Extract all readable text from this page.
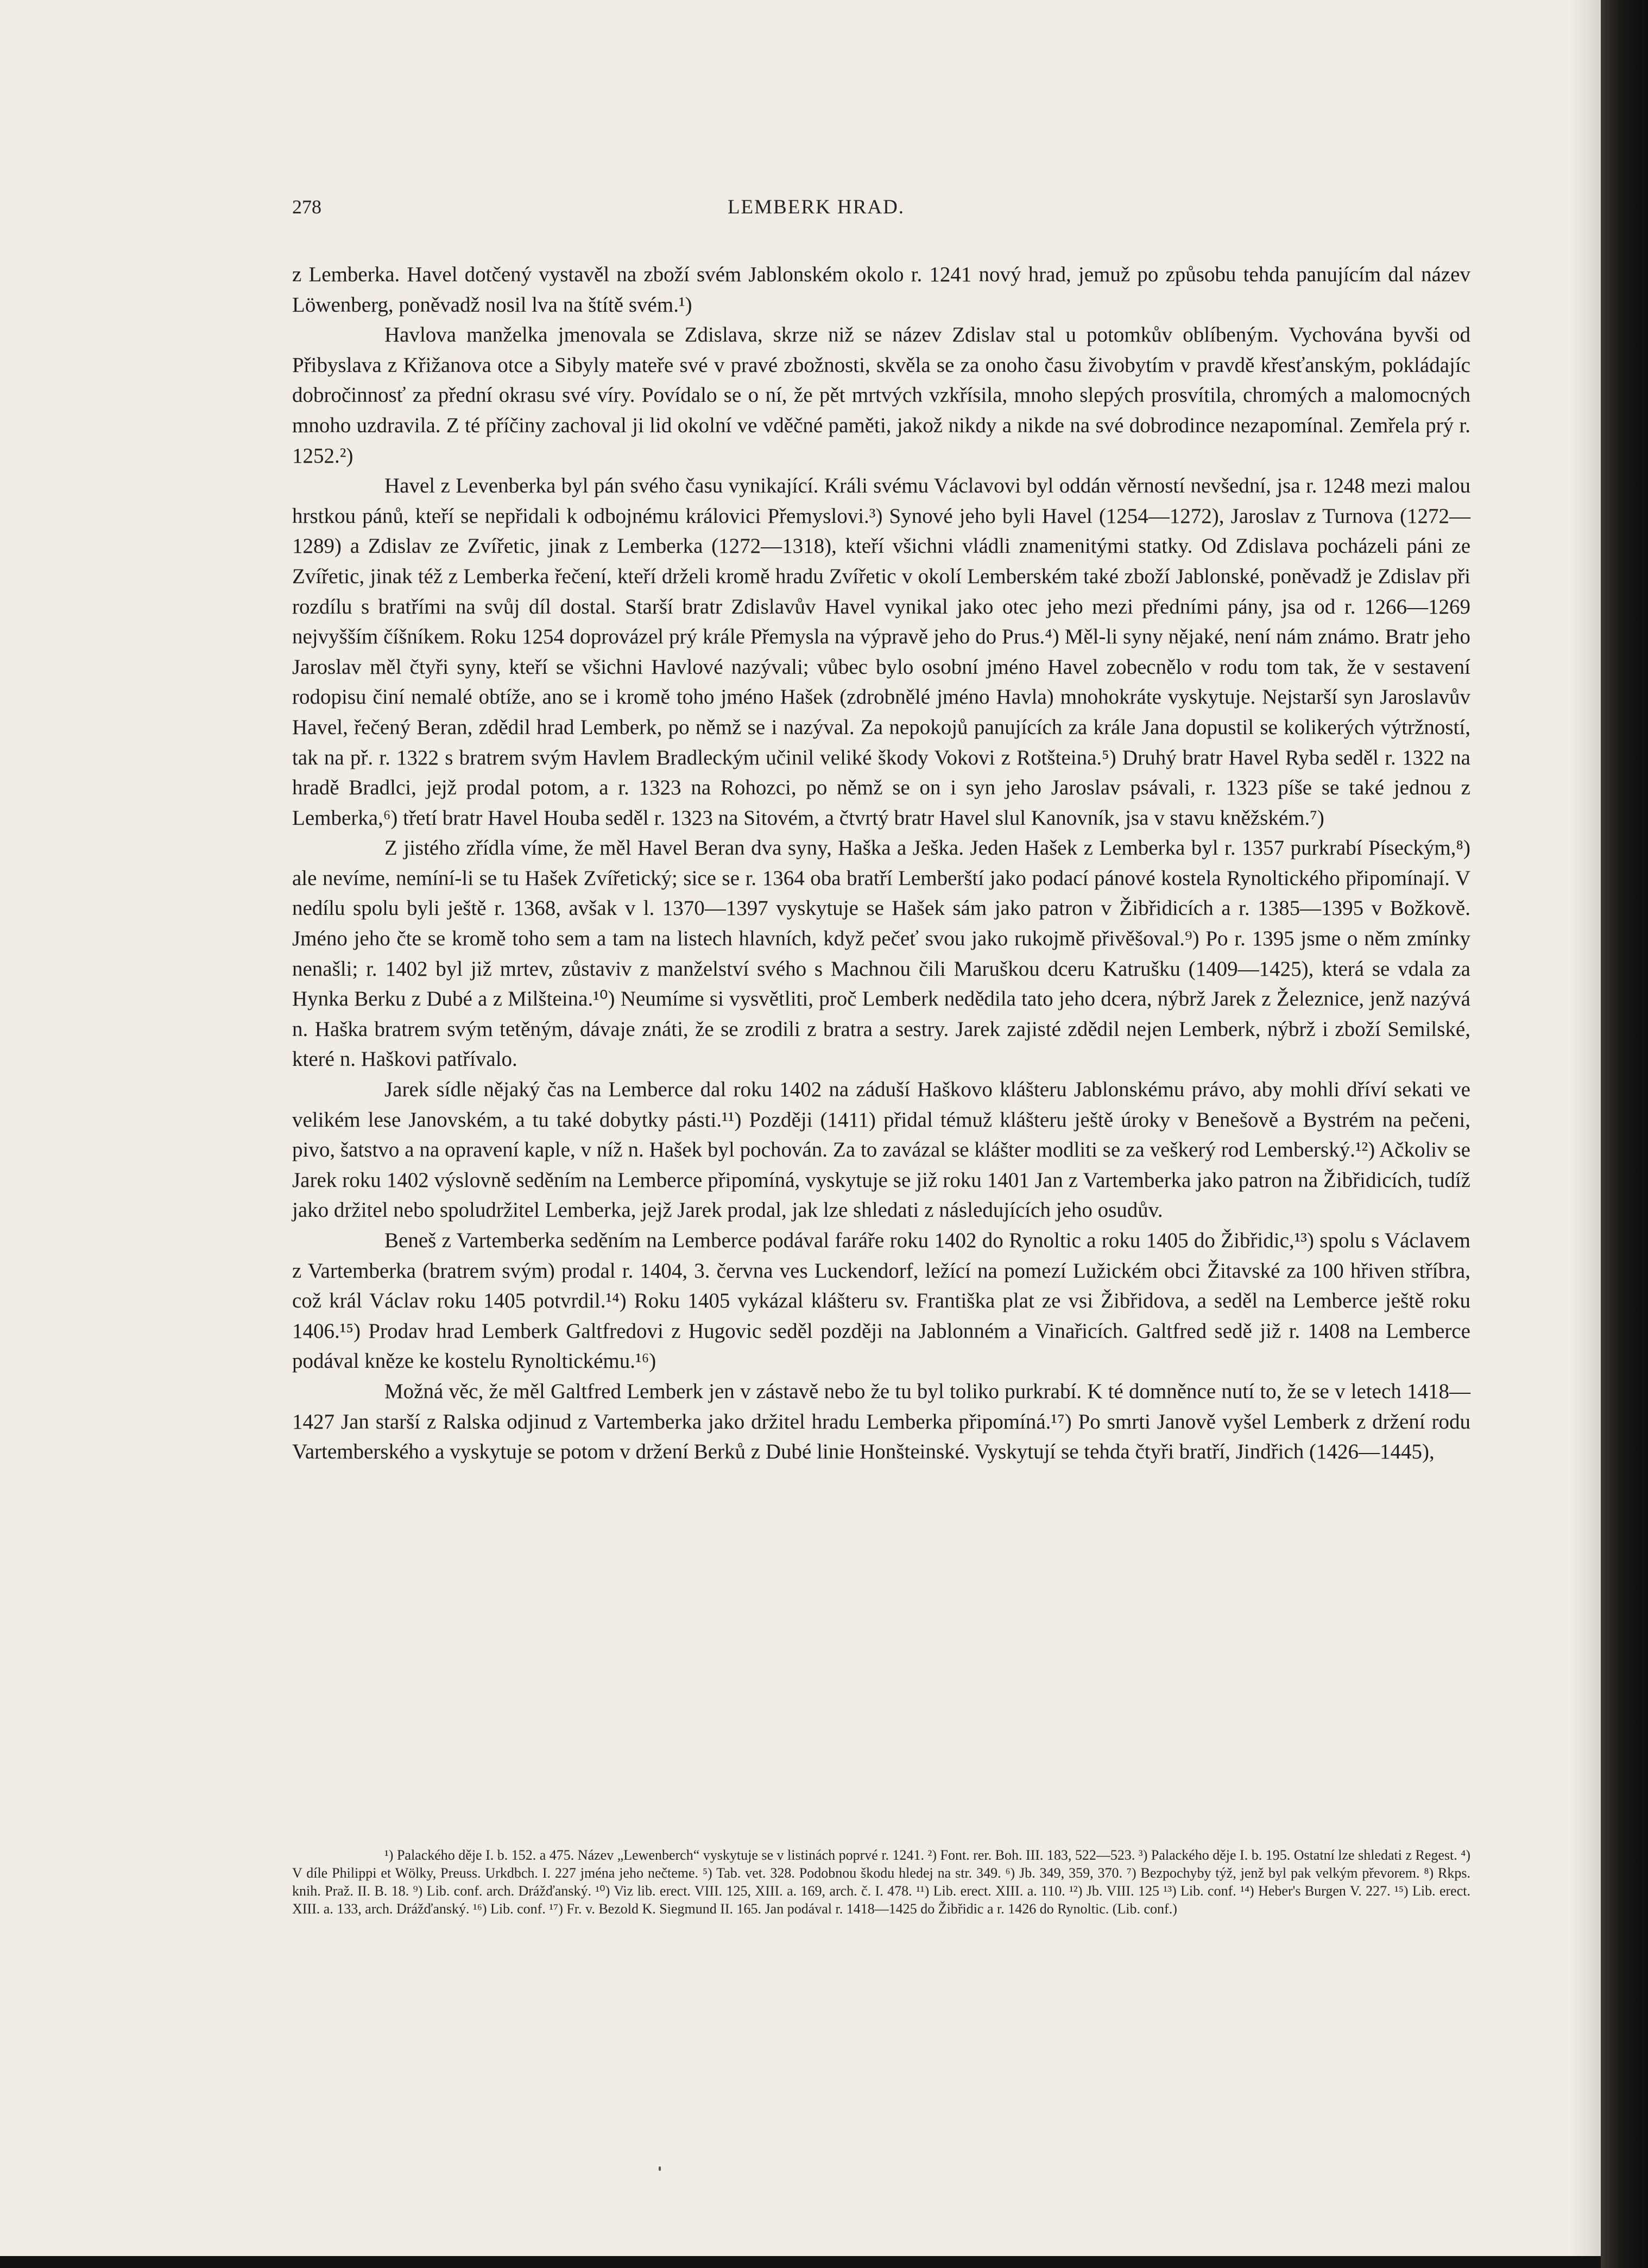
278	LEMBERK HRAD.

z Lemberka. Havel dotčený vystavěl na zboží svém Jablonském okolo r. 1241 nový hrad, jemuž po způsobu tehda panujícím dal název Löwenberg, poněvadž nosil lva na štítě svém.¹)

Havlova manželka jmenovala se Zdislava, skrze niž se název Zdislav stal u potomkův oblíbeným. Vychována byvši od Přibyslava z Křižanova otce a Sibyly mateře své v pravé zbožnosti, skvěla se za onoho času živobytím v pravdě křesťanským, pokládajíc dobročinnosť za přední okrasu své víry. Povídalo se o ní, že pět mrtvých vzkřísila, mnoho slepých prosvítila, chromých a malomocných mnoho uzdravila. Z té příčiny zachoval ji lid okolní ve vděčné paměti, jakož nikdy a nikde na své dobrodince nezapomínal. Zemřela prý r. 1252.²)

Havel z Levenberka byl pán svého času vynikající. Králi svému Václavovi byl oddán věrností nevšední, jsa r. 1248 mezi malou hrstkou pánů, kteří se nepřidali k odbojnému královici Přemyslovi.³) Synové jeho byli Havel (1254—1272), Jaroslav z Turnova (1272—1289) a Zdislav ze Zvířetic, jinak z Lemberka (1272—1318), kteří všichni vládli znamenitými statky. Od Zdislava pocházeli páni ze Zvířetic, jinak též z Lemberka řečení, kteří drželi kromě hradu Zvířetic v okolí Lemberském také zboží Jablonské, poněvadž je Zdislav při rozdílu s bratřími na svůj díl dostal. Starší bratr Zdislavův Havel vynikal jako otec jeho mezi předními pány, jsa od r. 1266—1269 nejvyšším číšníkem. Roku 1254 doprovázel prý krále Přemysla na výpravě jeho do Prus.⁴) Měl-li syny nějaké, není nám známo. Bratr jeho Jaroslav měl čtyři syny, kteří se všichni Havlové nazývali; vůbec bylo osobní jméno Havel zobecnělo v rodu tom tak, že v sestavení rodopisu činí nemalé obtíže, ano se i kromě toho jméno Hašek (zdrobnělé jméno Havla) mnohokráte vyskytuje. Nejstarší syn Jaroslavův Havel, řečený Beran, zdědil hrad Lemberk, po němž se i nazýval. Za nepokojů panujících za krále Jana dopustil se kolikerých výtržností, tak na př. r. 1322 s bratrem svým Havlem Bradleckým učinil veliké škody Vokovi z Rotšteina.⁵) Druhý bratr Havel Ryba seděl r. 1322 na hradě Bradlci, jejž prodal potom, a r. 1323 na Rohozci, po němž se on i syn jeho Jaroslav psávali, r. 1323 píše se také jednou z Lemberka,⁶) třetí bratr Havel Houba seděl r. 1323 na Sitovém, a čtvrtý bratr Havel slul Kanovník, jsa v stavu kněžském.⁷)

Z jistého zřídla víme, že měl Havel Beran dva syny, Haška a Ješka. Jeden Hašek z Lemberka byl r. 1357 purkrabí Píseckým,⁸) ale nevíme, nemíní-li se tu Hašek Zvířetický; sice se r. 1364 oba bratří Lemberští jako podací pánové kostela Rynoltického připomínají. V nedílu spolu byli ještě r. 1368, avšak v l. 1370—1397 vyskytuje se Hašek sám jako patron v Žibřidicích a r. 1385—1395 v Božkově. Jméno jeho čte se kromě toho sem a tam na listech hlavních, když pečeť svou jako rukojmě přivěšoval.⁹) Po r. 1395 jsme o něm zmínky nenašli; r. 1402 byl již mrtev, zůstaviv z manželství svého s Machnou čili Maruškou dceru Katrušku (1409—1425), která se vdala za Hynka Berku z Dubé a z Milšteina.¹⁰) Neumíme si vysvětliti, proč Lemberk nedědila tato jeho dcera, nýbrž Jarek z Železnice, jenž nazývá n. Haška bratrem svým tetěným, dávaje znáti, že se zrodili z bratra a sestry. Jarek zajisté zdědil nejen Lemberk, nýbrž i zboží Semilské, které n. Haškovi patřívalo.

Jarek sídle nějaký čas na Lemberce dal roku 1402 na záduší Haškovo klášteru Jablonskému právo, aby mohli dříví sekati ve velikém lese Janovském, a tu také dobytky pásti.¹¹) Později (1411) přidal témuž klášteru ještě úroky v Benešově a Bystrém na pečeni, pivo, šatstvo a na opravení kaple, v níž n. Hašek byl pochován. Za to zavázal se klášter modliti se za veškerý rod Lemberský.¹²) Ačkoliv se Jarek roku 1402 výslovně seděním na Lemberce připomíná, vyskytuje se již roku 1401 Jan z Vartemberka jako patron na Žibřidicích, tudíž jako držitel nebo spoludržitel Lemberka, jejž Jarek prodal, jak lze shledati z následujících jeho osudův.

Beneš z Vartemberka seděním na Lemberce podával faráře roku 1402 do Rynoltic a roku 1405 do Žibřidic,¹³) spolu s Václavem z Vartemberka (bratrem svým) prodal r. 1404, 3. června ves Luckendorf, ležící na pomezí Lužickém obci Žitavské za 100 hřiven stříbra, což král Václav roku 1405 potvrdil.¹⁴) Roku 1405 vykázal klášteru sv. Františka plat ze vsi Žibřidova, a seděl na Lemberce ještě roku 1406.¹⁵) Prodav hrad Lemberk Galtfredovi z Hugovic seděl později na Jablonném a Vinařicích. Galtfred sedě již r. 1408 na Lemberce podával kněze ke kostelu Rynoltickému.¹⁶)

Možná věc, že měl Galtfred Lemberk jen v zástavě nebo že tu byl toliko purkrabí. K té domněnce nutí to, že se v letech 1418—1427 Jan starší z Ralska odjinud z Vartemberka jako držitel hradu Lemberka připomíná.¹⁷) Po smrti Janově vyšel Lemberk z držení rodu Vartemberského a vyskytuje se potom v držení Berků z Dubé linie Honšteinské. Vyskytují se tehda čtyři bratří, Jindřich (1426—1445),

¹) Palackého děje I. b. 152. a 475. Název „Lewenberch“ vyskytuje se v listinách poprvé r. 1241. ²) Font. rer. Boh. III. 183, 522—523. ³) Palackého děje I. b. 195. Ostatní lze shledati z Regest. ⁴) V díle Philippi et Wölky, Preuss. Urkdbch. I. 227 jména jeho nečteme. ⁵) Tab. vet. 328. Podobnou škodu hledej na str. 349. ⁶) Jb. 349, 359, 370. ⁷) Bezpochyby týž, jenž byl pak velkým převorem. ⁸) Rkps. knih. Praž. II. B. 18. ⁹) Lib. conf. arch. Drážďanský. ¹⁰) Viz lib. erect. VIII. 125, XIII. a. 169, arch. č. I. 478. ¹¹) Lib. erect. XIII. a. 110. ¹²) Jb. VIII. 125 ¹³) Lib. conf. ¹⁴) Heber's Burgen V. 227. ¹⁵) Lib. erect. XIII. a. 133, arch. Drážďanský. ¹⁶) Lib. conf. ¹⁷) Fr. v. Bezold K. Siegmund II. 165. Jan podával r. 1418—1425 do Žibřidic a r. 1426 do Rynoltic. (Lib. conf.)
